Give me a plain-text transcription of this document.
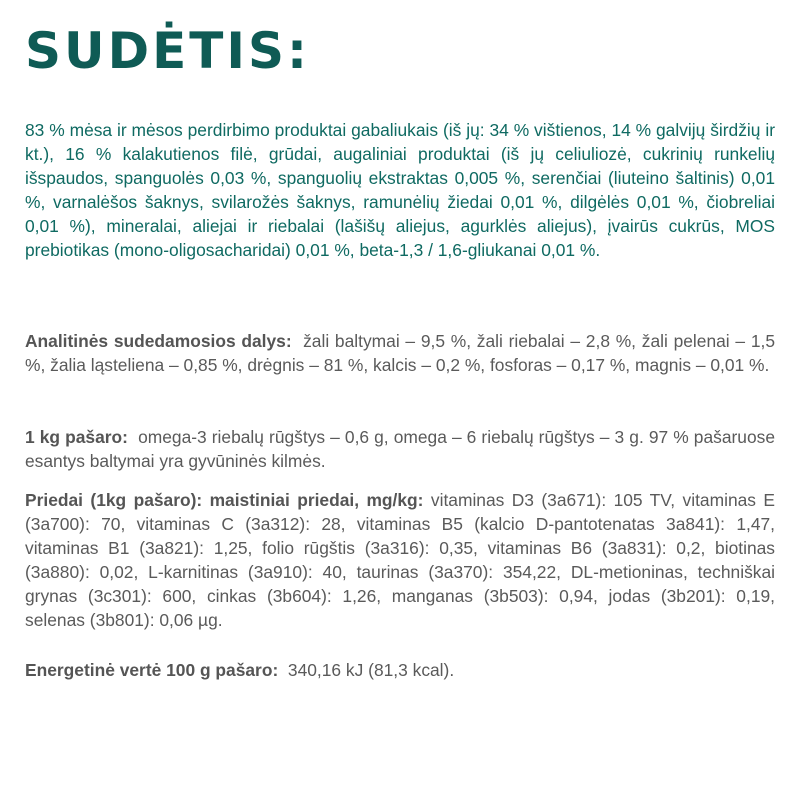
SUDĖTIS:

83 % mėsa ir mėsos perdirbimo produktai gabaliukais (iš jų: 34 % vištienos, 14 % galvijų širdžių ir kt.), 16 % kalakutienos filė, grūdai, augaliniai produktai (iš jų celiuliozė, cukrinių runkelių išspaudos, spanguolės 0,03 %, spanguolių ekstraktas 0,005 %, serenčiai (liuteino šaltinis) 0,01 %, varnalėšos šaknys, svilarožės šaknys, ramunėlių žiedai 0,01 %, dilgėlės 0,01 %, čiobreliai 0,01 %), mineralai, aliejai ir riebalai (lašišų aliejus, agurklės aliejus), įvairūs cukrūs, MOS prebiotikas (mono-oligosacharidai) 0,01 %, beta-1,3 / 1,6-gliukanai 0,01 %.

Analitinės sudedamosios dalys: žali baltymai – 9,5 %, žali riebalai – 2,8 %, žali pelenai – 1,5 %, žalia ląsteliena – 0,85 %, drėgnis – 81 %, kalcis – 0,2 %, fosforas – 0,17 %, magnis – 0,01 %.

1 kg pašaro: omega-3 riebalų rūgštys – 0,6 g, omega – 6 riebalų rūgštys – 3 g. 97 % pašaruose esantys baltymai yra gyvūninės kilmės.

Priedai (1kg pašaro): maistiniai priedai, mg/kg: vitaminas D3 (3a671): 105 TV, vitaminas E (3a700): 70, vitaminas C (3a312): 28, vitaminas B5 (kalcio D-pantotenatas 3a841): 1,47, vitaminas B1 (3a821): 1,25, folio rūgštis (3a316): 0,35, vitaminas B6 (3a831): 0,2, biotinas (3a880): 0,02, L-karnitinas (3a910): 40, taurinas (3a370): 354,22, DL-metioninas, techniškai grynas (3c301): 600, cinkas (3b604): 1,26, manganas (3b503): 0,94, jodas (3b201): 0,19, selenas (3b801): 0,06 µg.

Energetinė vertė 100 g pašaro: 340,16 kJ (81,3 kcal).
